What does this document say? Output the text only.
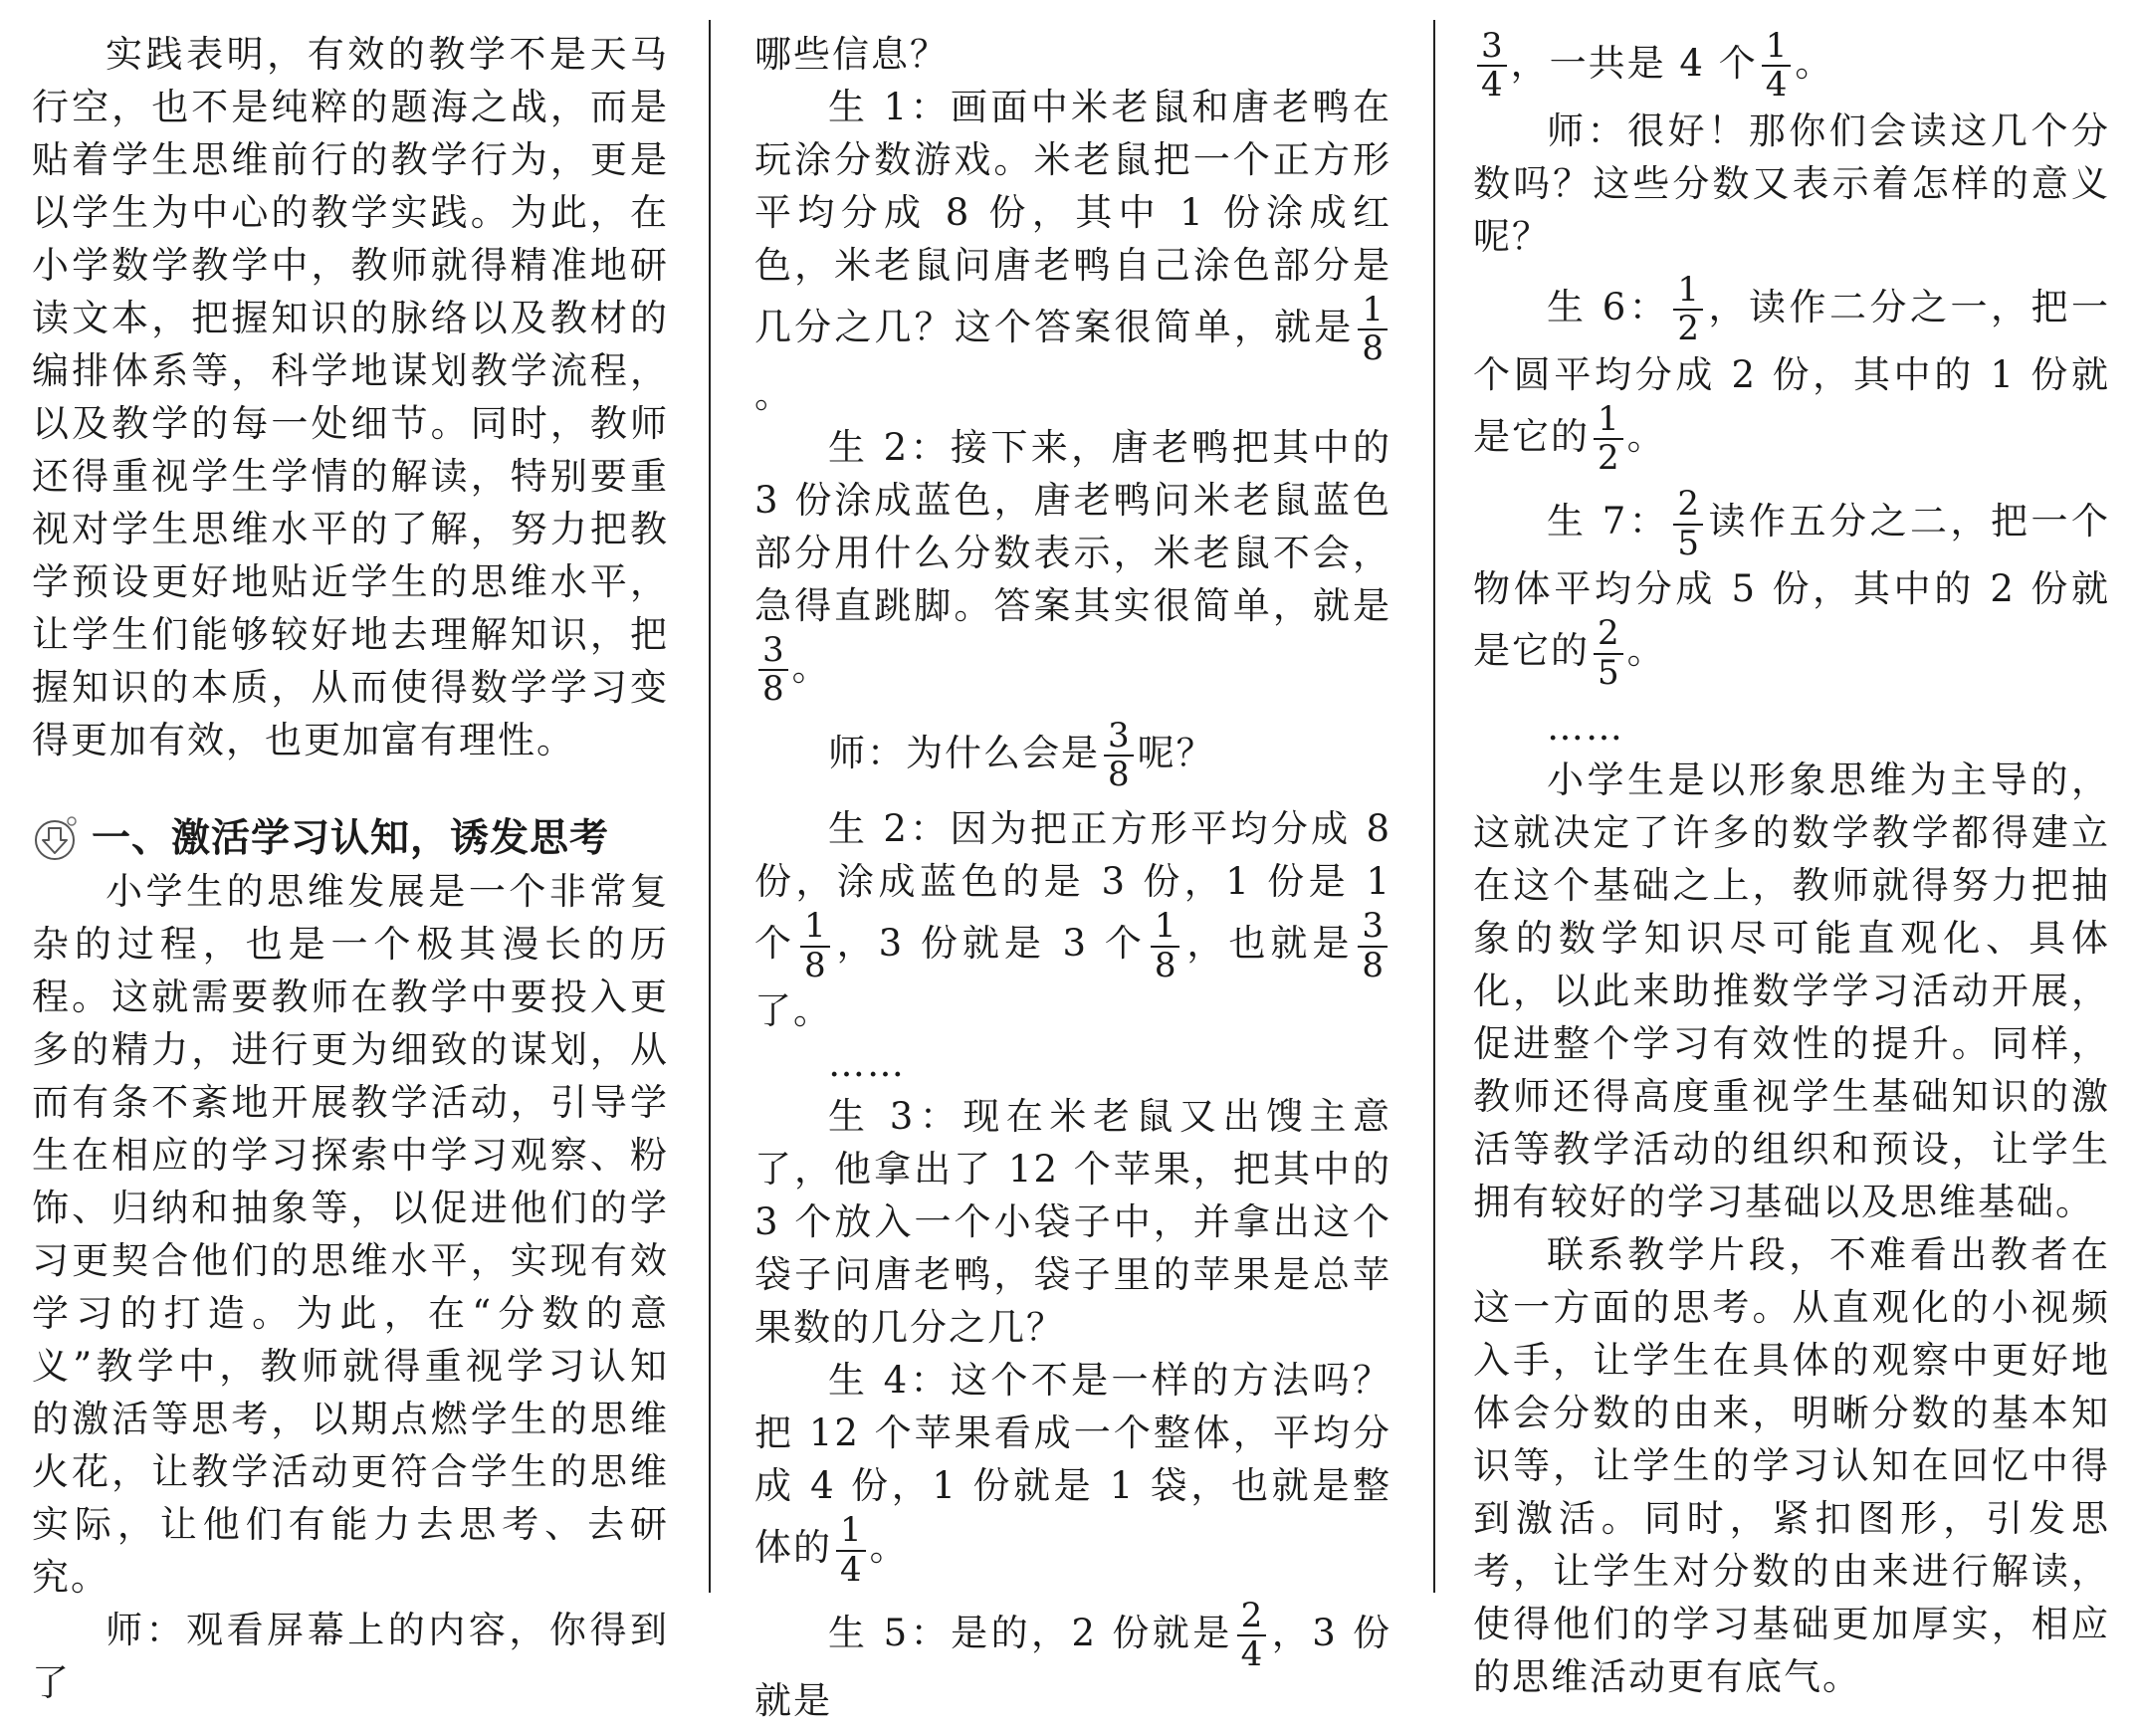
实践表明，有效的教学不是天马行空，也不是纯粹的题海之战，而是贴着学生思维前行的教学行为，更是以学生为中心的教学实践。为此，在小学数学教学中，教师就得精准地研读文本，把握知识的脉络以及教材的编排体系等，科学地谋划教学流程，以及教学的每一处细节。同时，教师还得重视学生学情的解读，特别要重视对学生思维水平的了解，努力把教学预设更好地贴近学生的思维水平，让学生们能够较好地去理解知识，把握知识的本质，从而使得数学学习变得更加有效，也更加富有理性。

一、激活学习认知，诱发思考

小学生的思维发展是一个非常复杂的过程，也是一个极其漫长的历程。这就需要教师在教学中要投入更多的精力，进行更为细致的谋划，从而有条不紊地开展教学活动，引导学生在相应的学习探索中学习观察、粉饰、归纳和抽象等，以促进他们的学习更契合他们的思维水平，实现有效学习的打造。为此，在“分数的意义”教学中，教师就得重视学习认知的激活等思考，以期点燃学生的思维火花，让教学活动更符合学生的思维实际，让他们有能力去思考、去研究。

师：观看屏幕上的内容，你得到了

哪些信息？

生 1：画面中米老鼠和唐老鸭在玩涂分数游戏。米老鼠把一个正方形平均分成 8 份，其中 1 份涂成红色，米老鼠问唐老鸭自己涂色部分是几分之几？这个答案很简单，就是 $\frac{1}{8}$
。

生 2：接下来，唐老鸭把其中的 3 份涂成蓝色，唐老鸭问米老鼠蓝色部分用什么分数表示，米老鼠不会，急得直跳脚。答案其实很简单，就是
$\frac{3}{8}$ 。

师：为什么会是 $\frac{3}{8}$ 呢？

生 2：因为把正方形平均分成 8 份，涂成蓝色的是 3 份，1 份是 1 个 $\frac{1}{8}$ ，3 份就是 3 个 $\frac{1}{8}$ ，也就是 $\frac{3}{8}$
了。

……

生 3：现在米老鼠又出馊主意了，他拿出了 12 个苹果，把其中的 3 个放入一个小袋子中，并拿出这个袋子问唐老鸭，袋子里的苹果是总苹果数的几分之几？

生 4：这个不是一样的方法吗？把 12 个苹果看成一个整体，平均分成 4 份，1 份就是 1 袋，也就是整体的 $\frac{1}{4}$ 。

生 5：是的，2 份就是 $\frac{2}{4}$ ，3 份就是

$\frac{3}{4}$ ，一共是 4 个 $\frac{1}{4}$ 。

师：很好！那你们会读这几个分数吗？这些分数又表示着怎样的意义呢？

生 6： $\frac{1}{2}$ ，读作二分之一，把一个圆平均分成 2 份，其中的 1 份就是它的 $\frac{1}{2}$ 。

生 7： $\frac{2}{5}$ 读作五分之二，把一个物体平均分成 5 份，其中的 2 份就是它的 $\frac{2}{5}$ 。

……

小学生是以形象思维为主导的，这就决定了许多的数学教学都得建立在这个基础之上，教师就得努力把抽象的数学知识尽可能直观化、具体化，以此来助推数学学习活动开展，促进整个学习有效性的提升。同样，教师还得高度重视学生基础知识的激活等教学活动的组织和预设，让学生拥有较好的学习基础以及思维基础。

联系教学片段，不难看出教者在这一方面的思考。从直观化的小视频入手，让学生在具体的观察中更好地体会分数的由来，明晰分数的基本知识等，让学生的学习认知在回忆中得到激活。同时，紧扣图形，引发思考，让学生对分数的由来进行解读，使得他们的学习基础更加厚实，相应的思维活动更有底气。
